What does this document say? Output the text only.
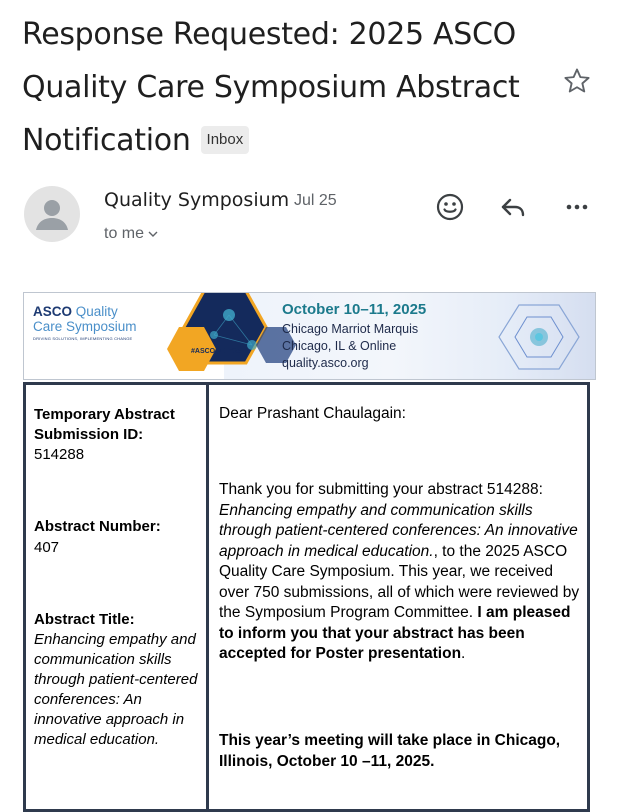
Response Requested: 2025 ASCO Quality Care Symposium Abstract Notification Inbox
Quality Symposium Jul 25
to me
ASCO Quality
Care Symposium
DRIVING SOLUTIONS, IMPLEMENTING CHANGE
#ASCOQLTY25
October 10–11, 2025
Chicago Marriot Marquis
Chicago, IL & Online
quality.asco.org
Temporary Abstract Submission ID:
514288
Abstract Number:
407
Abstract Title:
Enhancing empathy and communication skills through patient-centered conferences: An innovative approach in medical education.
Dear Prashant Chaulagain:
Thank you for submitting your abstract 514288: Enhancing empathy and communication skills through patient-centered conferences: An innovative approach in medical education., to the 2025 ASCO Quality Care Symposium. This year, we received over 750 submissions, all of which were reviewed by the Symposium Program Committee. I am pleased to inform you that your abstract has been accepted for Poster presentation.
This year’s meeting will take place in Chicago, Illinois, October 10 –11, 2025.
